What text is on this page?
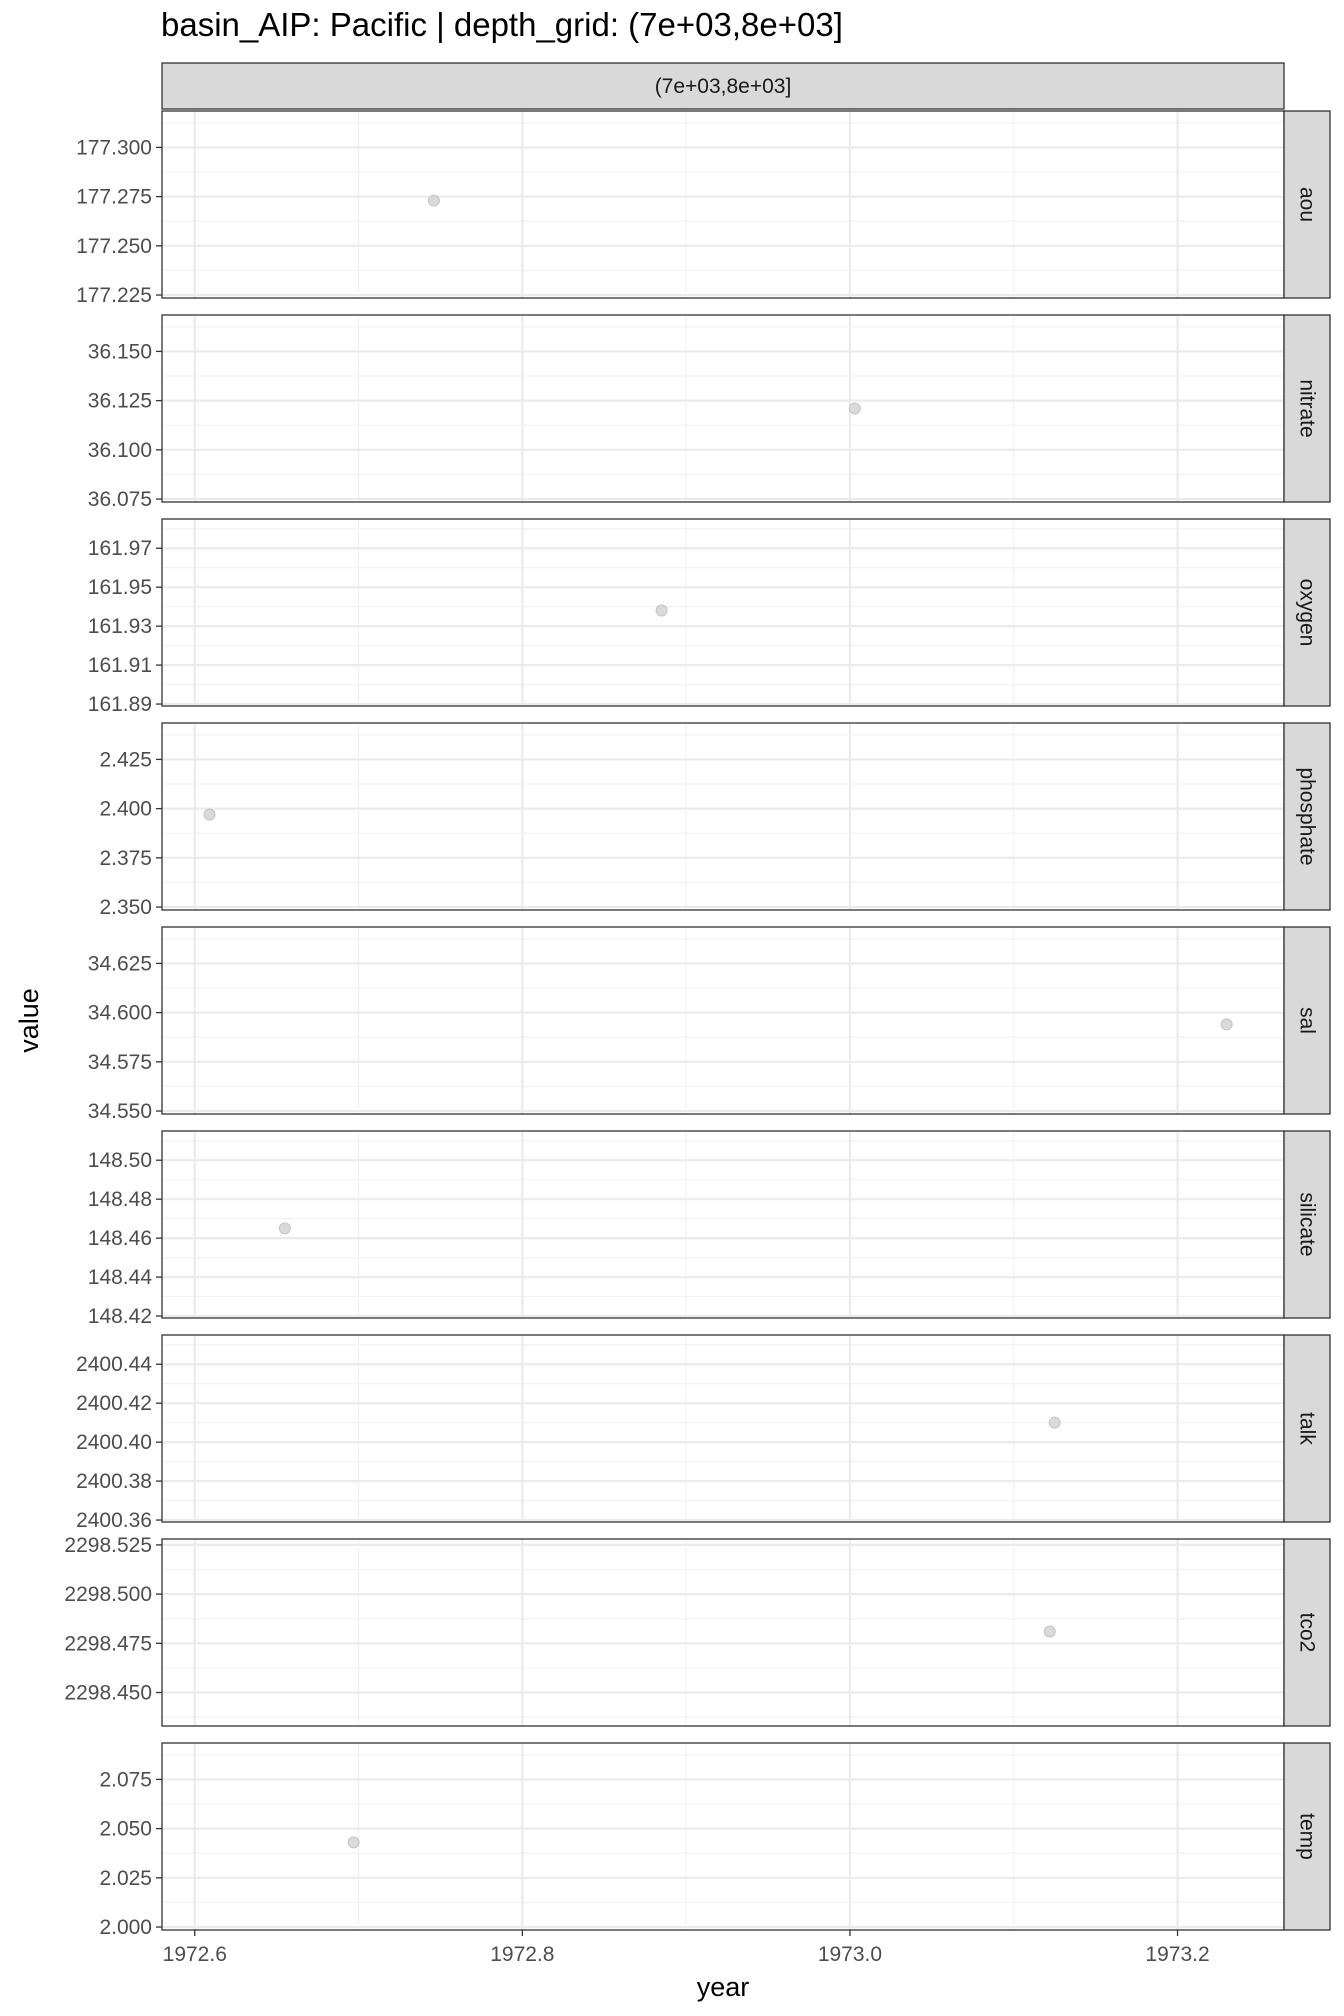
basin_AIP: Pacific | depth_grid: (7e+03,8e+03]
(7e+03,8e+03]
177.225
177.250
177.275
177.300
aou
36.075
36.100
36.125
36.150
nitrate
161.89
161.91
161.93
161.95
161.97
oxygen
2.350
2.375
2.400
2.425
phosphate
34.550
34.575
34.600
34.625
sal
148.42
148.44
148.46
148.48
148.50
silicate
2400.36
2400.38
2400.40
2400.42
2400.44
talk
2298.450
2298.475
2298.500
2298.525
tco2
2.000
2.025
2.050
2.075
temp
1972.6	1972.8	1973.0	1973.2
year
value
